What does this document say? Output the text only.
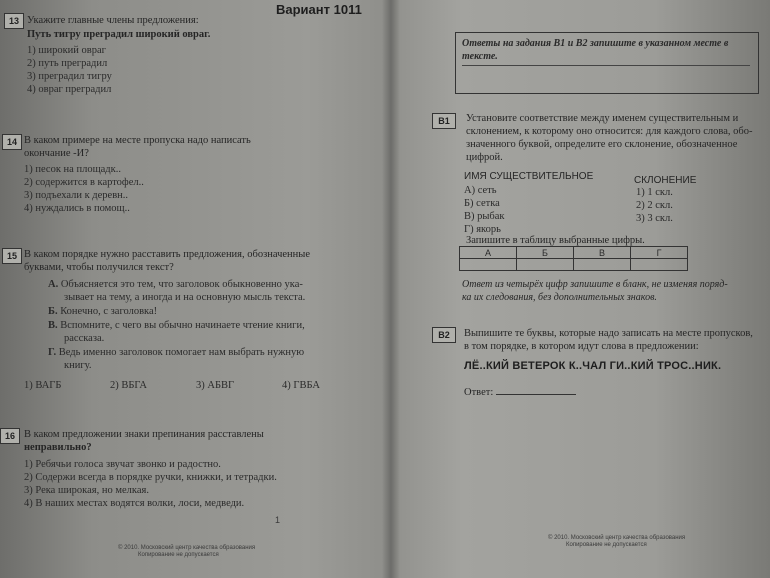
Вариант 1011
13 Укажите главные члены предложения:
Путь тигру преградил широкий овраг.
1) широкий овраг
2) путь преградил
3) преградил тигру
4) овраг преградил
14 В каком примере на месте пропуска надо написать
окончание -И?
1) песок на площадк..
2) содержится в картофел..
3) подъехали к деревн..
4) нуждались в помощ..
15 В каком порядке нужно расставить предложения, обозначенные
буквами, чтобы получился текст?
А. Объясняется это тем, что заголовок обыкновенно ука-
зывает на тему, а иногда и на основную мысль текста.
Б. Конечно, с заголовка!
В. Вспомните, с чего вы обычно начинаете чтение книги,
рассказа.
Г. Ведь именно заголовок помогает нам выбрать нужную
книгу.
1) ВАГБ	2) ВБГА	3) АБВГ	4) ГВБА
16 В каком предложении знаки препинания расставлены
неправильно?
1) Ребячьи голоса звучат звонко и радостно.
2) Содержи всегда в порядке ручки, книжки, и тетрадки.
3) Река широкая, но мелкая.
4) В наших местах водятся волки, лоси, медведи.
1
© 2010. Московский центр качества образования
Копирование не допускается
Ответы на задания В1 и В2 запишите в указанном месте в
тексте.
В1	Установите соответствие между именем существительным и
склонением, к которому оно относится: для каждого слова, обо-
значенного буквой, определите его склонение, обозначенное
цифрой.
ИМЯ СУЩЕСТВИТЕЛЬНОЕ	СКЛОНЕНИЕ
А) сеть
Б) сетка
В) рыбак
Г) якорь
1) 1 скл.
2) 2 скл.
3) 3 скл.
Запишите в таблицу выбранные цифры.
А	Б	В	Г

Ответ из четырёх цифр запишите в бланк, не изменяя поряд-
ка их следования, без дополнительных знаков.
В2	Выпишите те буквы, которые надо записать на месте пропусков,
в том порядке, в котором идут слова в предложении:
ЛЁ..КИЙ ВЕТЕРОК К..ЧАЛ ГИ..КИЙ ТРОС..НИК.
Ответ:
© 2010. Московский центр качества образования
Копирование не допускается
